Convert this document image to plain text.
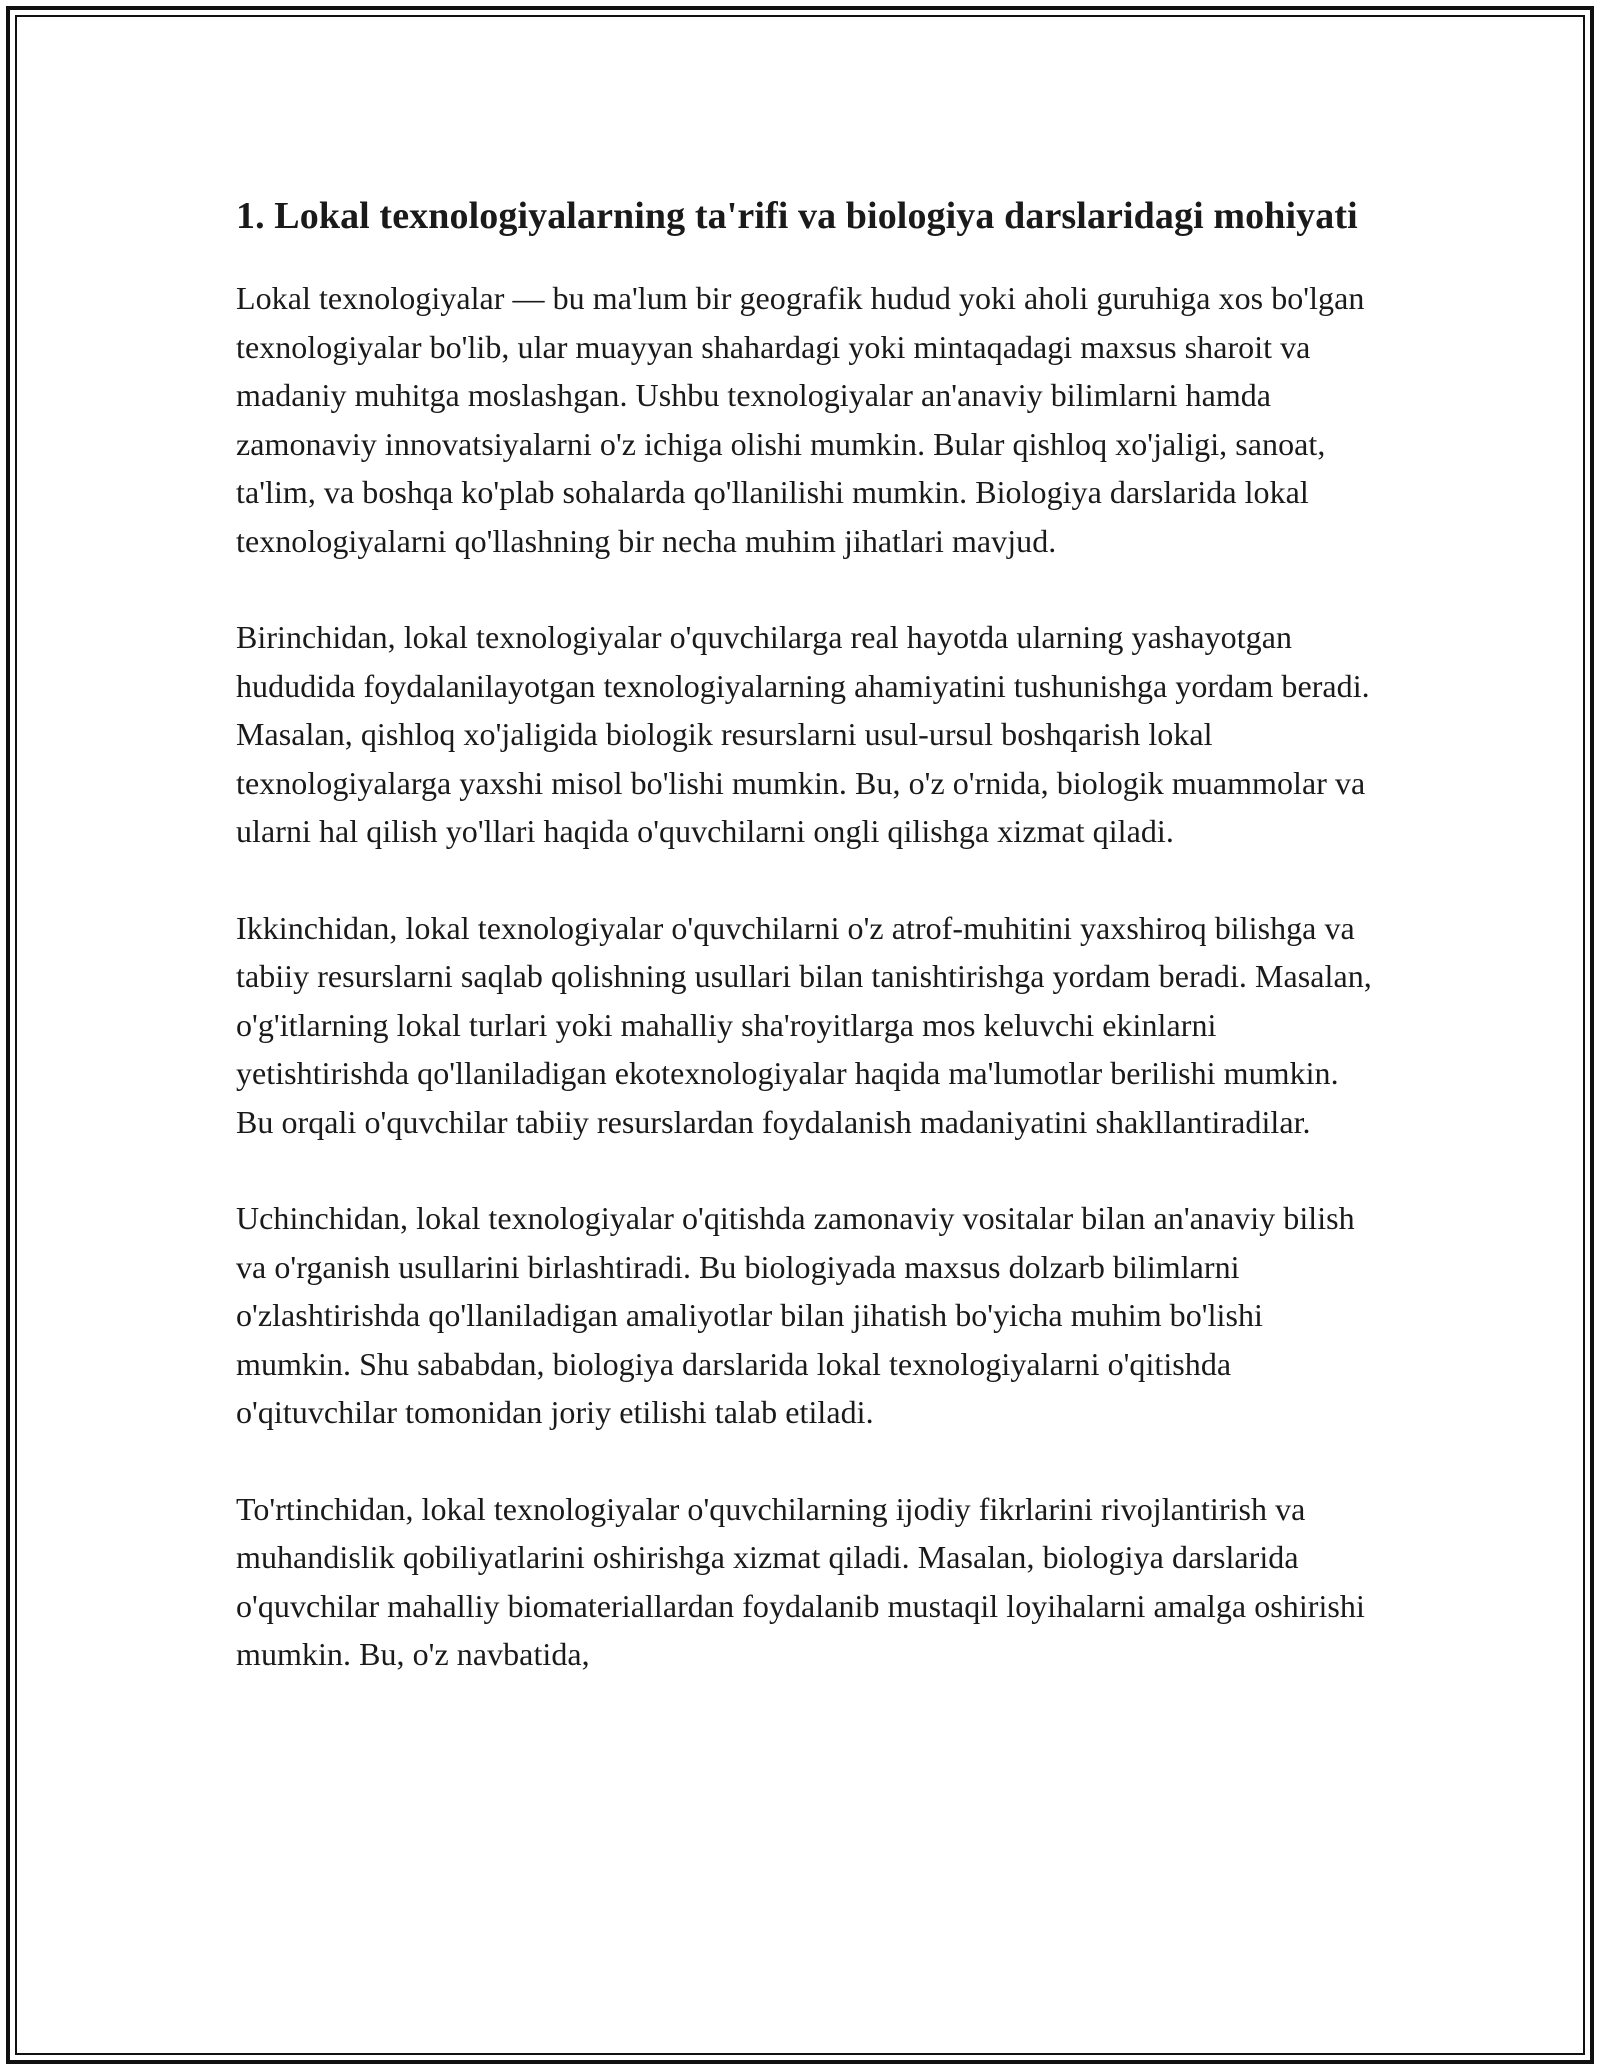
1. Lokal texnologiyalarning ta'rifi va biologiya darslaridagi mohiyati

Lokal texnologiyalar — bu ma'lum bir geografik hudud yoki aholi guruhiga xos bo'lgan texnologiyalar bo'lib, ular muayyan shahardagi yoki mintaqadagi maxsus sharoit va madaniy muhitga moslashgan. Ushbu texnologiyalar an'anaviy bilimlarni hamda zamonaviy innovatsiyalarni o'z ichiga olishi mumkin. Bular qishloq xo'jaligi, sanoat, ta'lim, va boshqa ko'plab sohalarda qo'llanilishi mumkin. Biologiya darslarida lokal texnologiyalarni qo'llashning bir necha muhim jihatlari mavjud.

Birinchidan, lokal texnologiyalar o'quvchilarga real hayotda ularning yashayotgan hududida foydalanilayotgan texnologiyalarning ahamiyatini tushunishga yordam beradi. Masalan, qishloq xo'jaligida biologik resurslarni usul-ursul boshqarish lokal texnologiyalarga yaxshi misol bo'lishi mumkin. Bu, o'z o'rnida, biologik muammolar va ularni hal qilish yo'llari haqida o'quvchilarni ongli qilishga xizmat qiladi.

Ikkinchidan, lokal texnologiyalar o'quvchilarni o'z atrof-muhitini yaxshiroq bilishga va tabiiy resurslarni saqlab qolishning usullari bilan tanishtirishga yordam beradi. Masalan, o'g'itlarning lokal turlari yoki mahalliy sha'royitlarga mos keluvchi ekinlarni yetishtirishda qo'llaniladigan ekotexnologiyalar haqida ma'lumotlar berilishi mumkin. Bu orqali o'quvchilar tabiiy resurslardan foydalanish madaniyatini shakllantiradilar.

Uchinchidan, lokal texnologiyalar o'qitishda zamonaviy vositalar bilan an'anaviy bilish va o'rganish usullarini birlashtiradi. Bu biologiyada maxsus dolzarb bilimlarni o'zlashtirishda qo'llaniladigan amaliyotlar bilan jihatish bo'yicha muhim bo'lishi mumkin. Shu sababdan, biologiya darslarida lokal texnologiyalarni o'qitishda o'qituvchilar tomonidan joriy etilishi talab etiladi.

To'rtinchidan, lokal texnologiyalar o'quvchilarning ijodiy fikrlarini rivojlantirish va muhandislik qobiliyatlarini oshirishga xizmat qiladi. Masalan, biologiya darslarida o'quvchilar mahalliy biomateriallardan foydalanib mustaqil loyihalarni amalga oshirishi mumkin. Bu, o'z navbatida,
